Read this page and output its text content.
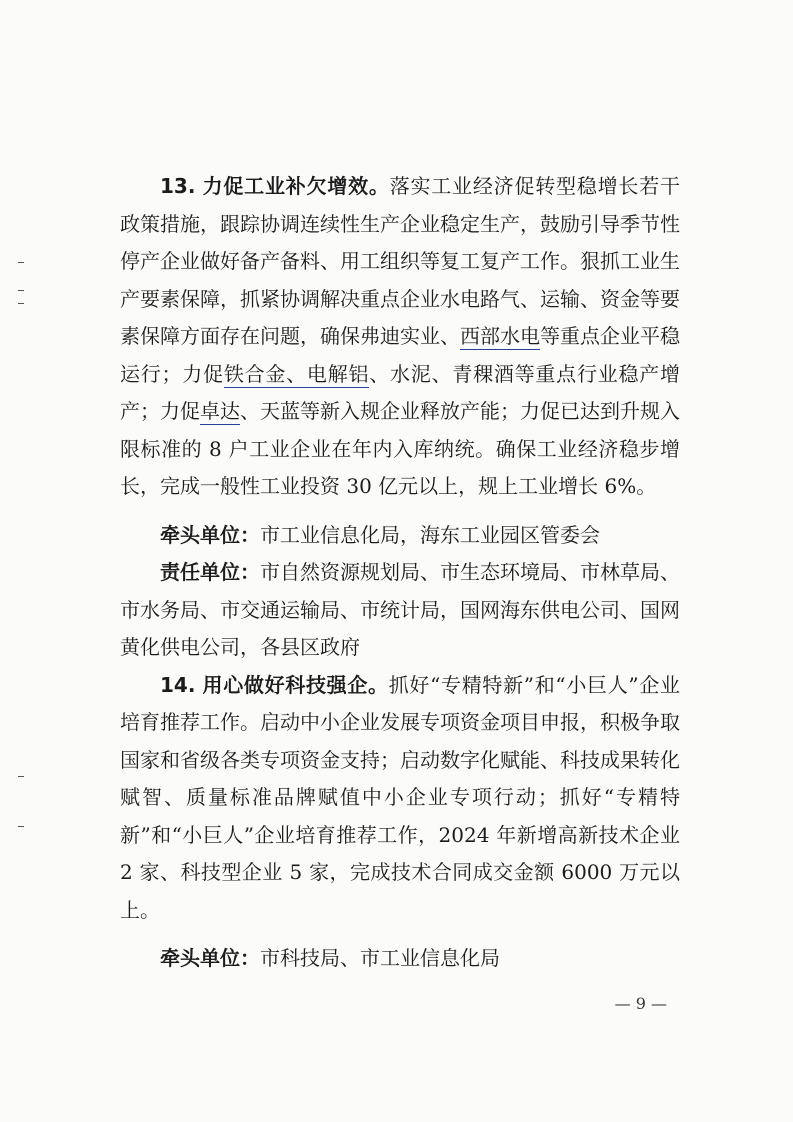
13. 力促工业补欠增效。落实工业经济促转型稳增长若干政策措施，跟踪协调连续性生产企业稳定生产，鼓励引导季节性停产企业做好备产备料、用工组织等复工复产工作。狠抓工业生产要素保障，抓紧协调解决重点企业水电路气、运输、资金等要素保障方面存在问题，确保弗迪实业、西部水电等重点企业平稳运行；力促铁合金、电解铝、水泥、青稞酒等重点行业稳产增产；力促卓达、天蓝等新入规企业释放产能；力促已达到升规入限标准的 8 户工业企业在年内入库纳统。确保工业经济稳步增长，完成一般性工业投资 30 亿元以上，规上工业增长 6%。

牵头单位：市工业信息化局，海东工业园区管委会

责任单位：市自然资源规划局、市生态环境局、市林草局、市水务局、市交通运输局、市统计局，国网海东供电公司、国网黄化供电公司，各县区政府

14. 用心做好科技强企。抓好“专精特新”和“小巨人”企业培育推荐工作。启动中小企业发展专项资金项目申报，积极争取国家和省级各类专项资金支持；启动数字化赋能、科技成果转化赋智、质量标准品牌赋值中小企业专项行动；抓好“专精特新”和“小巨人”企业培育推荐工作，2024 年新增高新技术企业 2 家、科技型企业 5 家，完成技术合同成交金额 6000 万元以上。

牵头单位：市科技局、市工业信息化局

— 9 —
